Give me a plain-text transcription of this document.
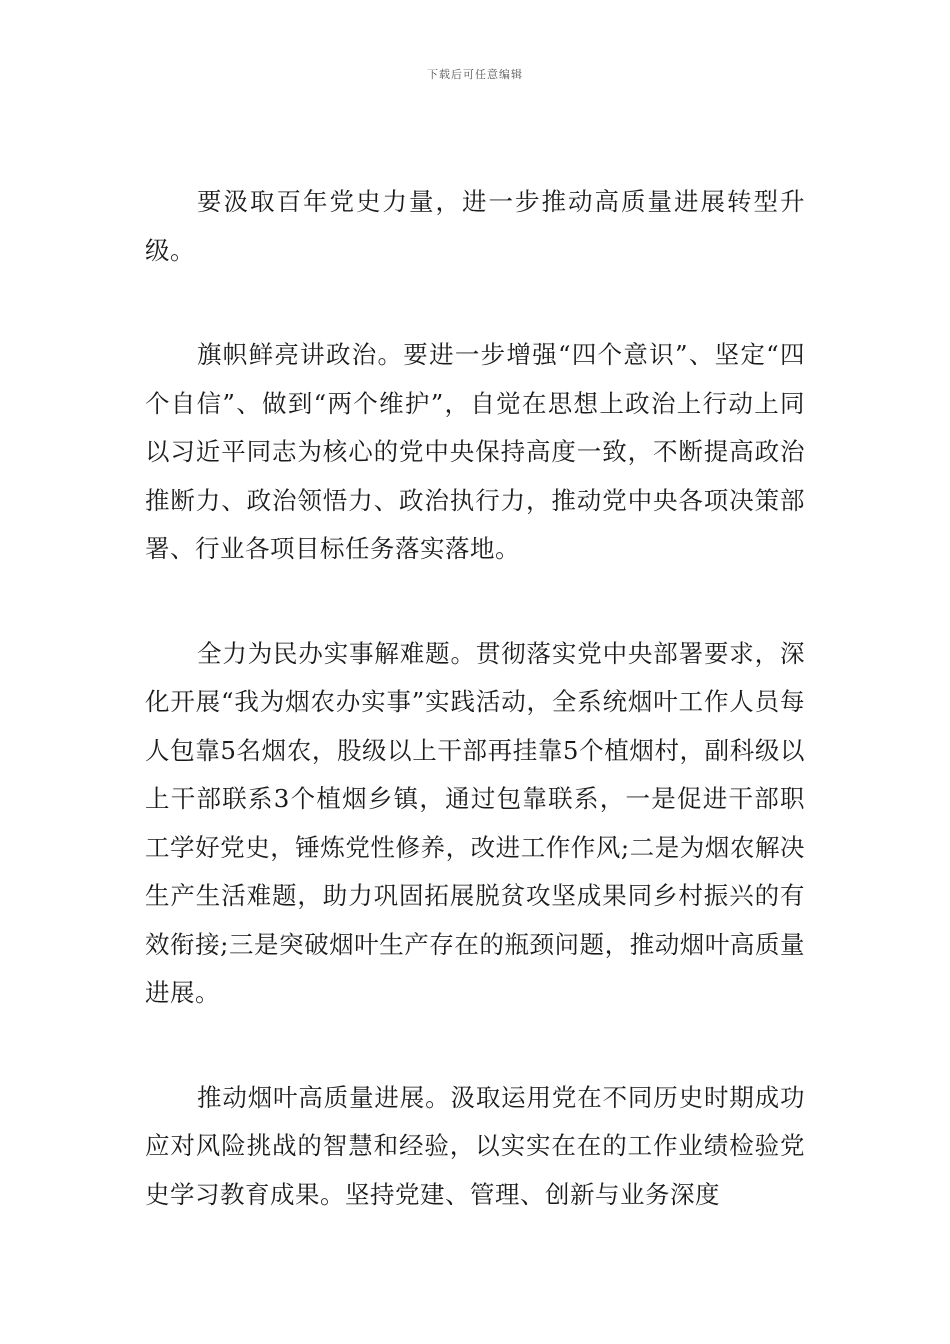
下载后可任意编辑

要汲取百年党史力量，进一步推动高质量进展转型升级。

旗帜鲜亮讲政治。要进一步增强“四个意识”、坚定“四个自信”、做到“两个维护”，自觉在思想上政治上行动上同以习近平同志为核心的党中央保持高度一致，不断提高政治推断力、政治领悟力、政治执行力，推动党中央各项决策部署、行业各项目标任务落实落地。

全力为民办实事解难题。贯彻落实党中央部署要求，深化开展“我为烟农办实事”实践活动，全系统烟叶工作人员每人包靠5名烟农，股级以上干部再挂靠5个植烟村，副科级以上干部联系3个植烟乡镇，通过包靠联系，一是促进干部职工学好党史，锤炼党性修养，改进工作作风;二是为烟农解决生产生活难题，助力巩固拓展脱贫攻坚成果同乡村振兴的有效衔接;三是突破烟叶生产存在的瓶颈问题，推动烟叶高质量进展。

推动烟叶高质量进展。汲取运用党在不同历史时期成功应对风险挑战的智慧和经验，以实实在在的工作业绩检验党史学习教育成果。坚持党建、管理、创新与业务深度
